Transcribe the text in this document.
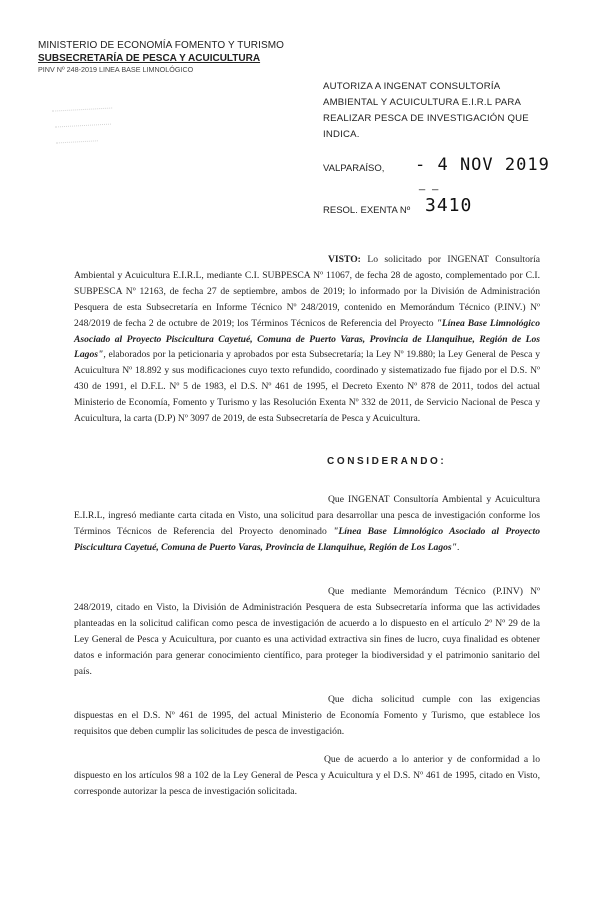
MINISTERIO DE ECONOMÍA FOMENTO Y TURISMO
SUBSECRETARÍA DE PESCA Y ACUICULTURA
PINV Nº 248-2019 LINEA BASE LIMNOLÓGICO
AUTORIZA A INGENAT CONSULTORÍA AMBIENTAL Y ACUICULTURA E.I.R.L PARA REALIZAR PESCA DE INVESTIGACIÓN QUE INDICA.
VALPARAÍSO, - 4 NOV 2019
_ _
RESOL. EXENTA Nº 3410

VISTO: Lo solicitado por INGENAT Consultoría Ambiental y Acuicultura E.I.R.L, mediante C.I. SUBPESCA Nº 11067, de fecha 28 de agosto, complementado por C.I. SUBPESCA Nº 12163, de fecha 27 de septiembre, ambos de 2019; lo informado por la División de Administración Pesquera de esta Subsecretaría en Informe Técnico Nº 248/2019, contenido en Memorándum Técnico (P.INV.) Nº 248/2019 de fecha 2 de octubre de 2019; los Términos Técnicos de Referencia del Proyecto "Línea Base Limnológico Asociado al Proyecto Piscicultura Cayetué, Comuna de Puerto Varas, Provincia de Llanquihue, Región de Los Lagos", elaborados por la peticionaria y aprobados por esta Subsecretaría; la Ley Nº 19.880; la Ley General de Pesca y Acuicultura Nº 18.892 y sus modificaciones cuyo texto refundido, coordinado y sistematizado fue fijado por el D.S. Nº 430 de 1991, el D.F.L. Nº 5 de 1983, el D.S. Nº 461 de 1995, el Decreto Exento Nº 878 de 2011, todos del actual Ministerio de Economía, Fomento y Turismo y las Resolución Exenta Nº 332 de 2011, de Servicio Nacional de Pesca y Acuicultura, la carta (D.P) Nº 3097 de 2019, de esta Subsecretaría de Pesca y Acuicultura.

CONSIDERANDO:

Que INGENAT Consultoría Ambiental y Acuicultura E.I.R.L, ingresó mediante carta citada en Visto, una solicitud para desarrollar una pesca de investigación conforme los Términos Técnicos de Referencia del Proyecto denominado "Línea Base Limnológico Asociado al Proyecto Piscicultura Cayetué, Comuna de Puerto Varas, Provincia de Llanquihue, Región de Los Lagos".

Que mediante Memorándum Técnico (P.INV) Nº 248/2019, citado en Visto, la División de Administración Pesquera de esta Subsecretaría informa que las actividades planteadas en la solicitud califican como pesca de investigación de acuerdo a lo dispuesto en el artículo 2º Nº 29 de la Ley General de Pesca y Acuicultura, por cuanto es una actividad extractiva sin fines de lucro, cuya finalidad es obtener datos e información para generar conocimiento científico, para proteger la biodiversidad y el patrimonio sanitario del país.

Que dicha solicitud cumple con las exigencias dispuestas en el D.S. Nº 461 de 1995, del actual Ministerio de Economía Fomento y Turismo, que establece los requisitos que deben cumplir las solicitudes de pesca de investigación.

Que de acuerdo a lo anterior y de conformidad a lo dispuesto en los artículos 98 a 102 de la Ley General de Pesca y Acuicultura y el D.S. Nº 461 de 1995, citado en Visto, corresponde autorizar la pesca de investigación solicitada.
